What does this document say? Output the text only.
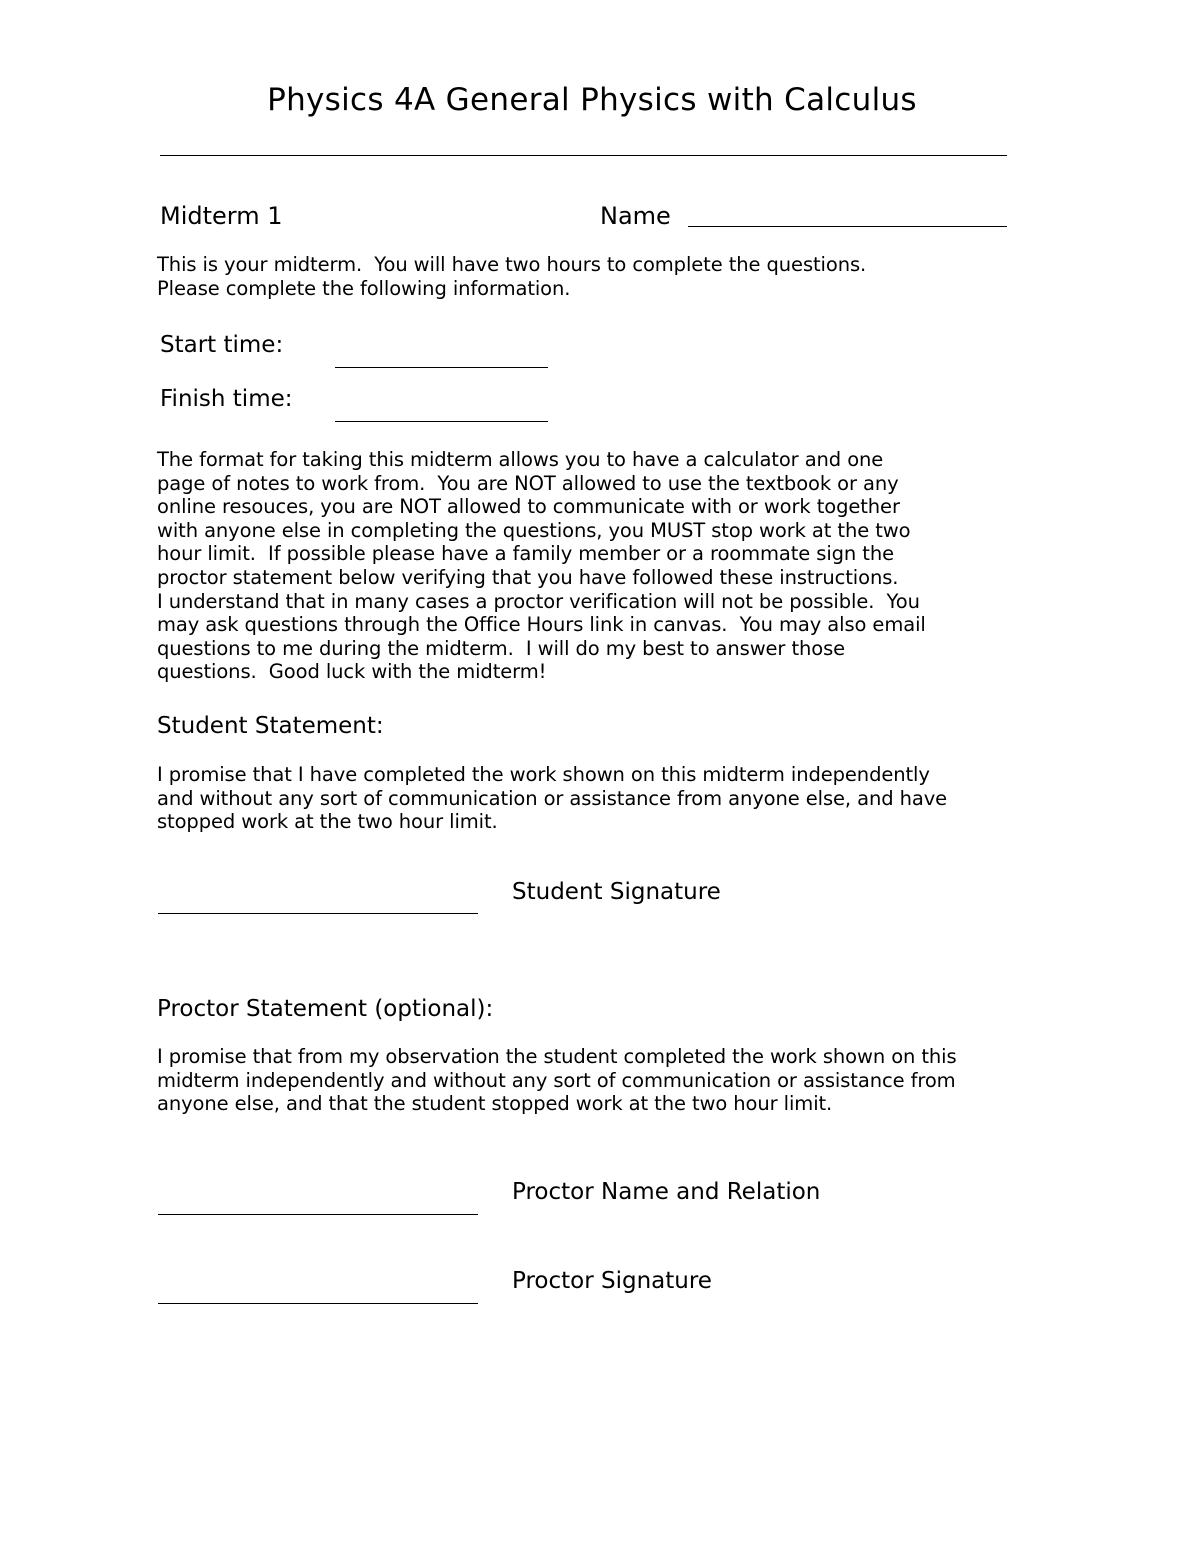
Physics 4A General Physics with Calculus
Midterm 1	Name
This is your midterm.  You will have two hours to complete the questions.
Please complete the following information.
Start time:
Finish time:
The format for taking this midterm allows you to have a calculator and one
page of notes to work from.  You are NOT allowed to use the textbook or any
online resouces, you are NOT allowed to communicate with or work together
with anyone else in completing the questions, you MUST stop work at the two
hour limit.  If possible please have a family member or a roommate sign the
proctor statement below verifying that you have followed these instructions.
I understand that in many cases a proctor verification will not be possible.  You
may ask questions through the Office Hours link in canvas.  You may also email
questions to me during the midterm.  I will do my best to answer those
questions.  Good luck with the midterm!
Student Statement:
I promise that I have completed the work shown on this midterm independently
and without any sort of communication or assistance from anyone else, and have
stopped work at the two hour limit.
Student Signature
Proctor Statement (optional):
I promise that from my observation the student completed the work shown on this
midterm independently and without any sort of communication or assistance from
anyone else, and that the student stopped work at the two hour limit.
Proctor Name and Relation
Proctor Signature
